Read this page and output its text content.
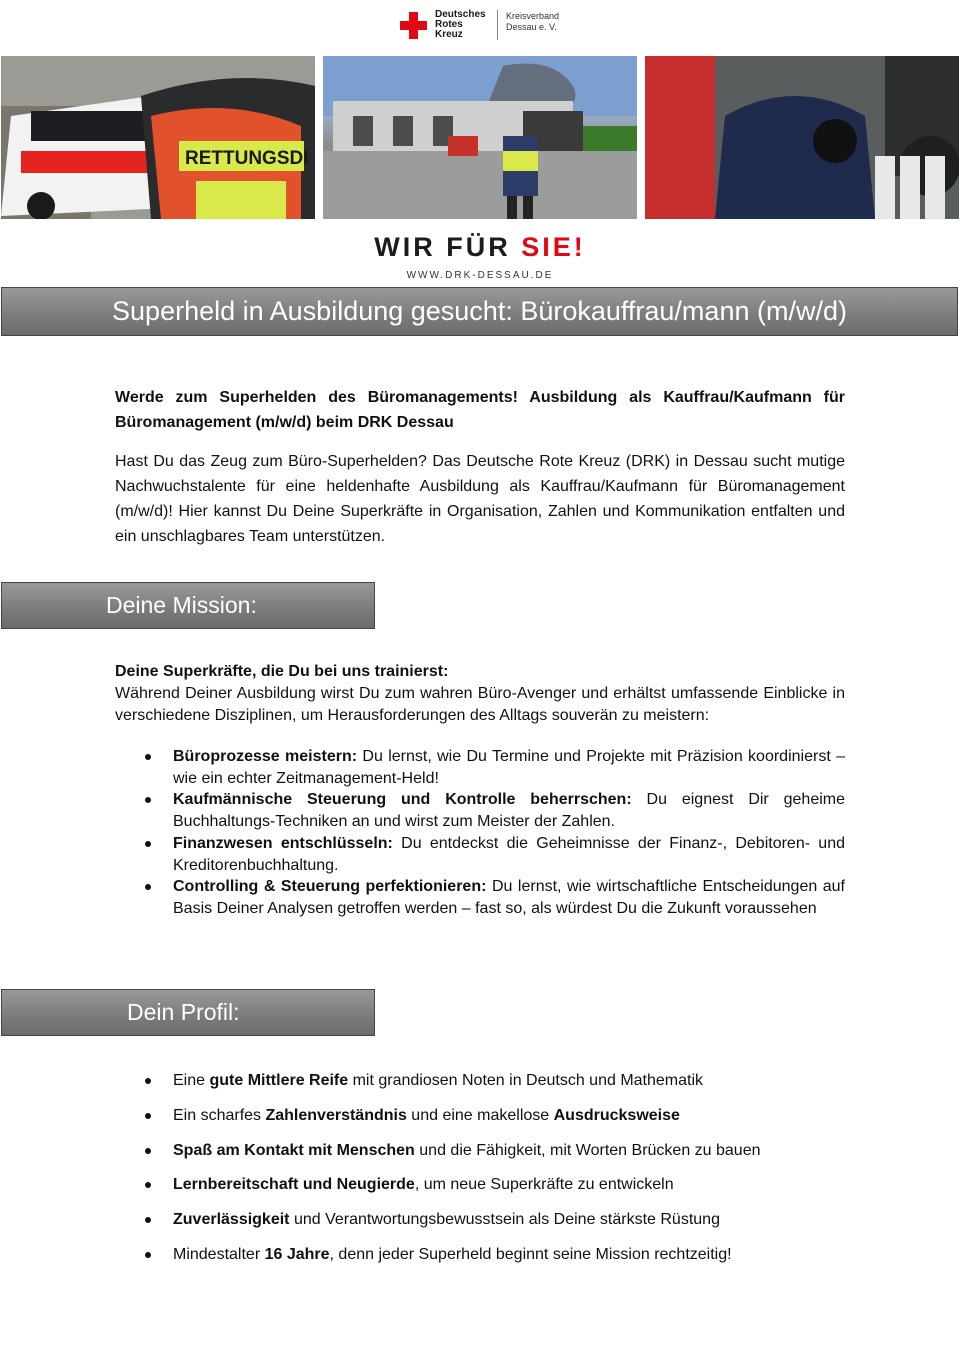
Deutsches
Rotes
Kreuz
Kreisverband
Dessau e. V.
RETTUNGSDI
WIR FÜR SIE!
WWW.DRK-DESSAU.DE
Superheld in Ausbildung gesucht: Bürokauffrau/mann (m/w/d)
Werde zum Superhelden des Büromanagements! Ausbildung als Kauffrau/Kaufmann für Büromanagement (m/w/d) beim DRK Dessau
Hast Du das Zeug zum Büro-Superhelden? Das Deutsche Rote Kreuz (DRK) in Dessau sucht mutige Nachwuchstalente für eine heldenhafte Ausbildung als Kauffrau/Kaufmann für Büromanagement (m/w/d)! Hier kannst Du Deine Superkräfte in Organisation, Zahlen und Kommunikation entfalten und ein unschlagbares Team unterstützen.
Deine Mission:
Deine Superkräfte, die Du bei uns trainierst:
Während Deiner Ausbildung wirst Du zum wahren Büro-Avenger und erhältst umfassende Einblicke in verschiedene Disziplinen, um Herausforderungen des Alltags souverän zu meistern:
Büroprozesse meistern: Du lernst, wie Du Termine und Projekte mit Präzision koordinierst – wie ein echter Zeitmanagement-Held!
Kaufmännische Steuerung und Kontrolle beherrschen: Du eignest Dir geheime Buchhaltungs-Techniken an und wirst zum Meister der Zahlen.
Finanzwesen entschlüsseln: Du entdeckst die Geheimnisse der Finanz-, Debitoren- und Kreditorenbuchhaltung.
Controlling & Steuerung perfektionieren: Du lernst, wie wirtschaftliche Entscheidungen auf Basis Deiner Analysen getroffen werden – fast so, als würdest Du die Zukunft voraussehen
Dein Profil:
Eine gute Mittlere Reife mit grandiosen Noten in Deutsch und Mathematik
Ein scharfes Zahlenverständnis und eine makellose Ausdrucksweise
Spaß am Kontakt mit Menschen und die Fähigkeit, mit Worten Brücken zu bauen
Lernbereitschaft und Neugierde, um neue Superkräfte zu entwickeln
Zuverlässigkeit und Verantwortungsbewusstsein als Deine stärkste Rüstung
Mindestalter 16 Jahre, denn jeder Superheld beginnt seine Mission rechtzeitig!
